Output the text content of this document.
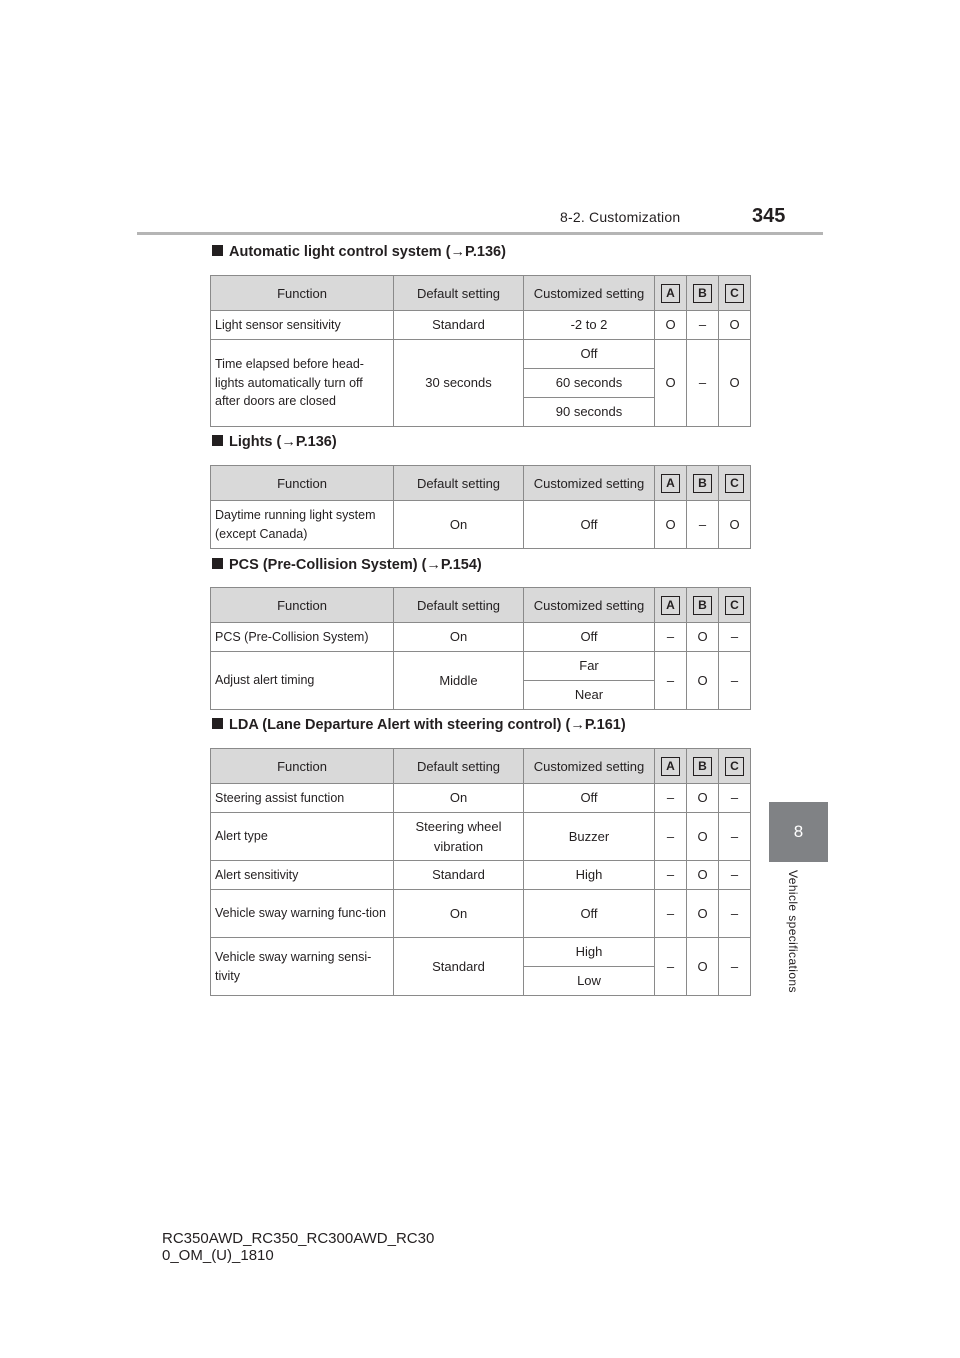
8-2. Customization	345
8
Vehicle specifications
Automatic light control system (→P.136)
Function	Default setting	Customized setting	A	B	C
Light sensor sensitivity	Standard	-2 to 2	O	–	O
Time elapsed before head-lights automatically turn off after doors are closed	30 seconds	Off	O	–	O
		60 seconds			
		90 seconds			
Lights (→P.136)
Function	Default setting	Customized setting	A	B	C
Daytime running light system (except Canada)	On	Off	O	–	O
PCS (Pre-Collision System) (→P.154)
Function	Default setting	Customized setting	A	B	C
PCS (Pre-Collision System)	On	Off	–	O	–
Adjust alert timing	Middle	Far	–	O	–
		Near			
LDA (Lane Departure Alert with steering control) (→P.161)
Function	Default setting	Customized setting	A	B	C
Steering assist function	On	Off	–	O	–
Alert type	Steering wheel vibration	Buzzer	–	O	–
Alert sensitivity	Standard	High	–	O	–
Vehicle sway warning func-tion	On	Off	–	O	–
Vehicle sway warning sensi-tivity	Standard	High	–	O	–
		Low			
RC350AWD_RC350_RC300AWD_RC30
0_OM_(U)_1810
